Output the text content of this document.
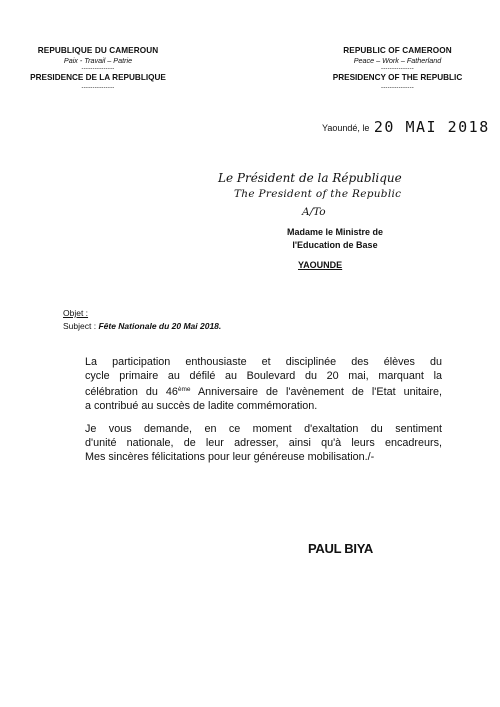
REPUBLIQUE DU CAMEROUN
Paix - Travail – Patrie
---------------
PRESIDENCE DE LA REPUBLIQUE
---------------
REPUBLIC OF CAMEROON
Peace – Work – Fatherland
---------------
PRESIDENCY OF THE REPUBLIC
---------------
Yaoundé, le 20 MAI 2018
Le Président de la République
The President of the Republic
A/To
Madame le Ministre de
l'Education de Base
YAOUNDE
Objet :
Subject : Fête Nationale du 20 Mai 2018.
La participation enthousiaste et disciplinée des élèves du
cycle primaire au défilé au Boulevard du 20 mai, marquant la
célébration du 46ème Anniversaire de l'avènement de l'Etat unitaire,
a contribué au succès de ladite commémoration.
Je vous demande, en ce moment d'exaltation du sentiment
d'unité nationale, de leur adresser, ainsi qu'à leurs encadreurs,
Mes sincères félicitations pour leur généreuse mobilisation./-
PAUL BIYA
